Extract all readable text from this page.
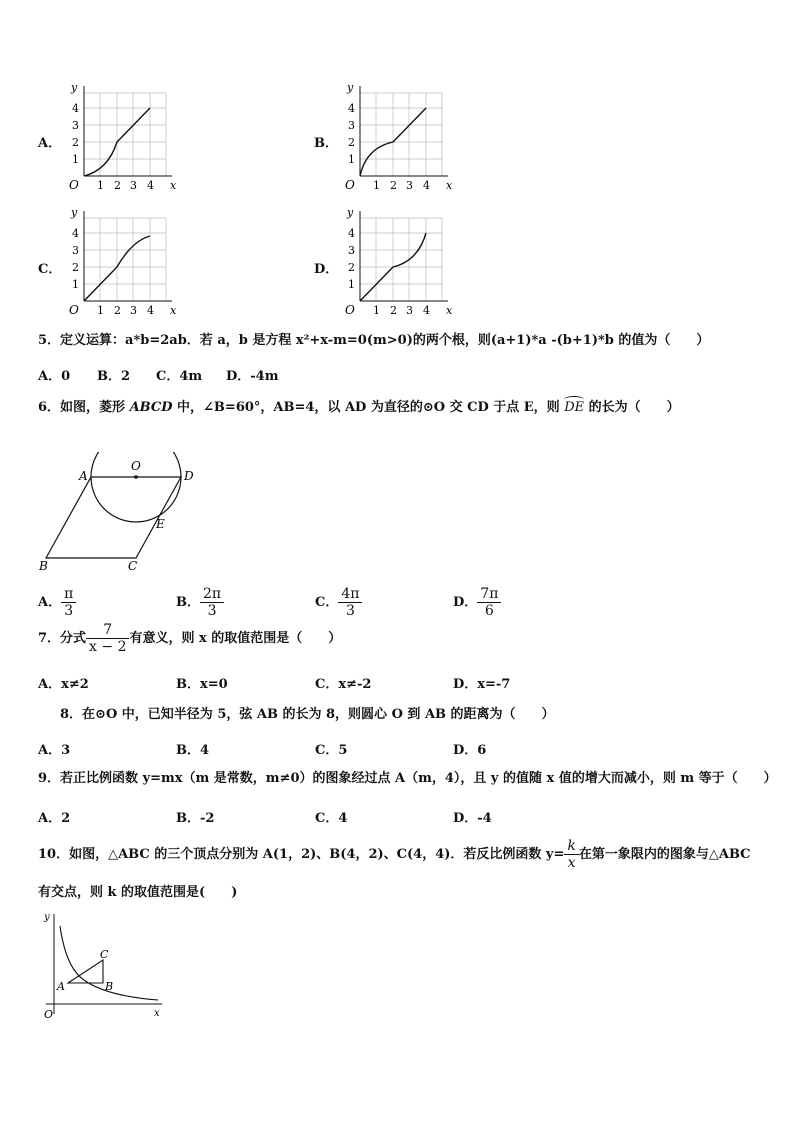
A．	B．
C．	D．
y
x
O
4
3
2
1
1 2 3 4
y
x
O
4
3
2
1
1 2 3 4
y
x
O
4
3
2
1
1 2 3 4
y
x
O
4
3
2
1
1 2 3 4
5．定义运算：a*b=2ab．若 a，b 是方程 x²+x-m=0(m>0)的两个根，则(a+1)*a -(b+1)*b 的值为（　　）
A．0 B．2 C．4m D．-4m
6．如图，菱形 ABCD 中，∠B=60°，AB=4，以 AD 为直径的⊙O 交 CD 于点 E，则 DE 的长为（　　）
A
O
D
E
B	C
A． $\frac{\pi}{3}$	B． $\frac{2\pi}{3}$	C． $\frac{4\pi}{3}$	D． $\frac{7\pi}{6}$
7．分式 $\frac{7}{x - 2}$ 有意义，则 x 的取值范围是（　　）
A．x≠2	B．x=0	C．x≠-2	D．x=-7
8．在⊙O 中，已知半径为 5，弦 AB 的长为 8，则圆心 O 到 AB 的距离为（　　）
A．3	B．4	C．5	D．6
9．若正比例函数 y=mx（m 是常数，m≠0）的图象经过点 A（m，4），且 y 的值随 x 值的增大而减小，则 m 等于（　　）
A．2	B．-2	C．4	D．-4
10．如图，△ABC 的三个顶点分别为 A(1，2)、B(4，2)、C(4，4)．若反比例函数 $y= \frac{k}{x}$ 在第一象限内的图象与△ABC
有交点，则 k 的取值范围是(　　)
y
x
O
A	B
C
